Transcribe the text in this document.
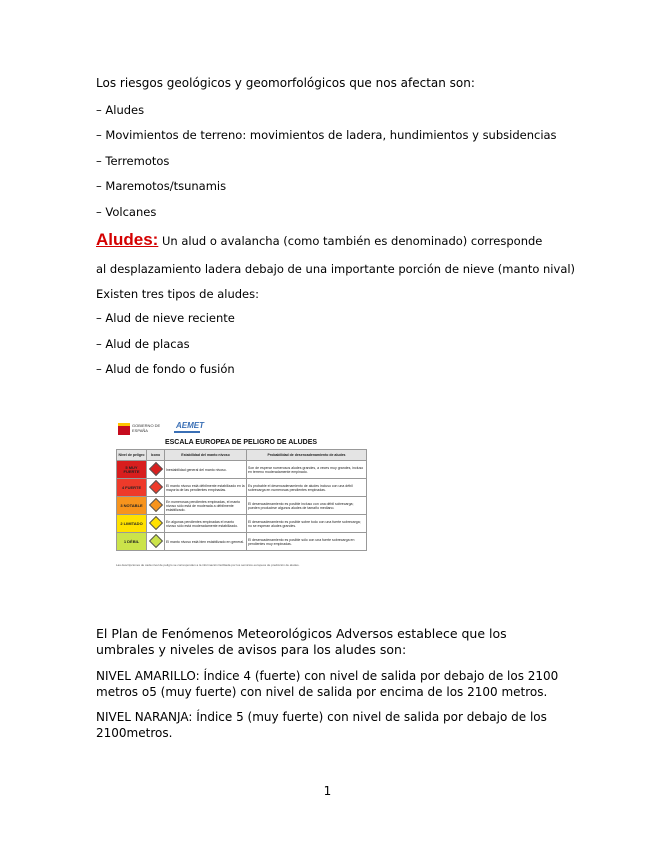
Los riesgos geológicos y geomorfológicos que nos afectan son:
– Aludes
– Movimientos de terreno: movimientos de ladera, hundimientos y subsidencias
– Terremotos
– Maremotos/tsunamis
– Volcanes
Aludes: Un alud o avalancha (como también es denominado) corresponde
al desplazamiento ladera debajo de una importante porción de nieve (manto nival)
Existen tres tipos de aludes:
– Alud de nieve reciente
– Alud de placas
– Alud de fondo o fusión
GOBIERNO DE ESPAÑA	AEMET
ESCALA EUROPEA DE PELIGRO DE ALUDES
Nivel de peligro	Icono	Estabilidad del manto nivoso	Probabilidad de desencadenamiento de aludes
5 MUY FUERTE		Inestabilidad general del manto nivoso.	Son de esperar numerosos aludes grandes, a veces muy grandes, incluso en terreno moderadamente empinado.
4 FUERTE		El manto nivoso está débilmente estabilizado en la mayoría de las pendientes empinadas.	Es probable el desencadenamiento de aludes incluso con una débil sobrecarga en numerosas pendientes empinadas.
3 NOTABLE		En numerosas pendientes empinadas, el manto nivoso sólo está de moderada a débilmente estabilizado.	El desencadenamiento es posible incluso con una débil sobrecarga; pueden producirse algunos aludes de tamaño mediano.
2 LIMITADO		En algunas pendientes empinadas el manto nivoso sólo está moderadamente estabilizado.	El desencadenamiento es posible sobre todo con una fuerte sobrecarga; no se esperan aludes grandes.
1 DÉBIL		El manto nivoso está bien estabilizado en general.	El desencadenamiento es posible sólo con una fuerte sobrecarga en pendientes muy empinadas.
Las descripciones de cada nivel de peligro se corresponden a la información facilitada por los servicios europeos de predicción de aludes.
El Plan de Fenómenos Meteorológicos Adversos establece que los umbrales y niveles de avisos para los aludes son:
NIVEL AMARILLO: Índice 4 (fuerte) con nivel de salida por debajo de los 2100 metros o5 (muy fuerte) con nivel de salida por encima de los 2100 metros.
NIVEL NARANJA: Índice 5 (muy fuerte) con nivel de salida por debajo de los 2100metros.
1
